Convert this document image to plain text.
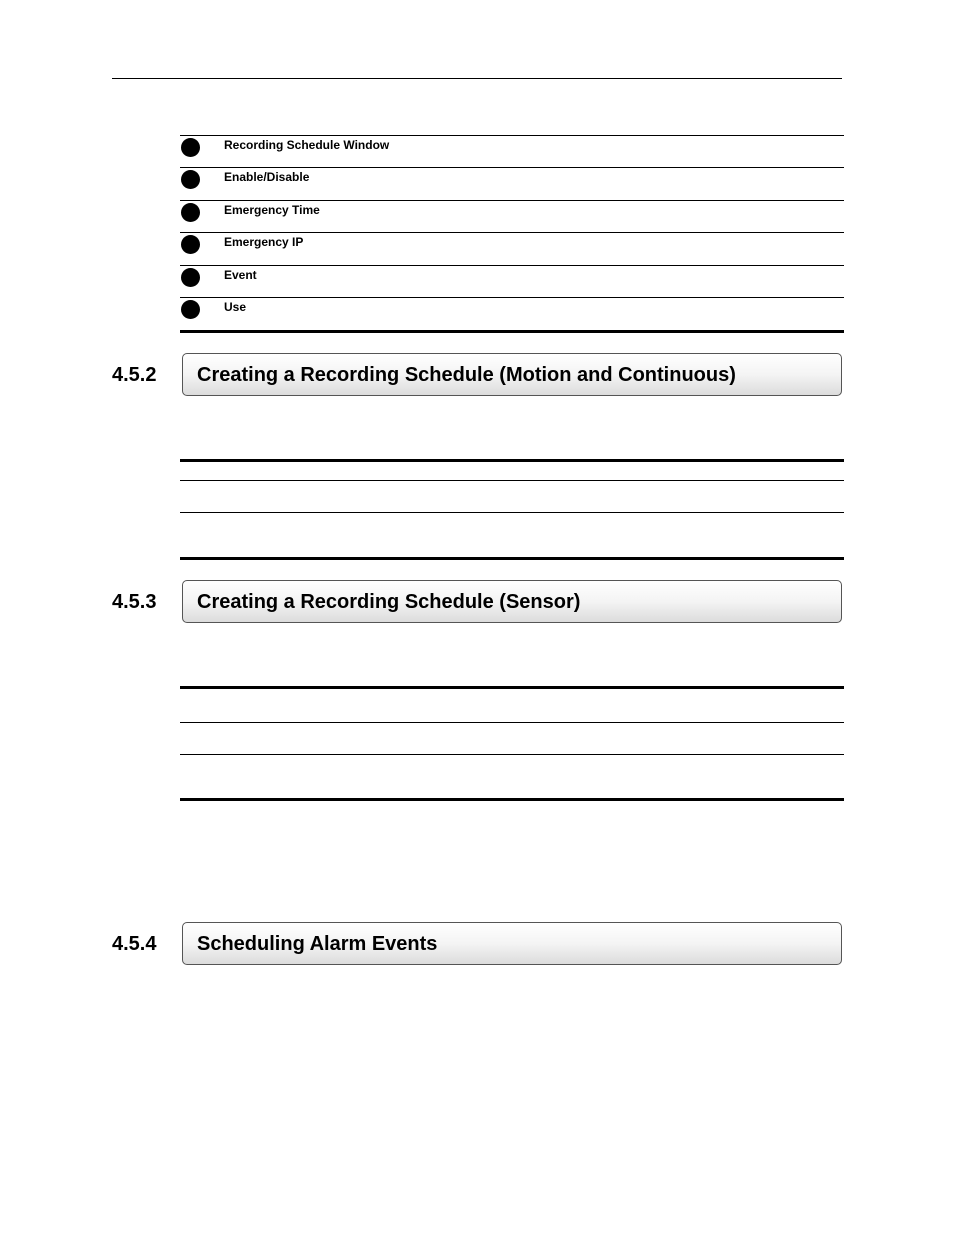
Recording Schedule Window
Enable/Disable
Emergency Time
Emergency IP
Event
Use
4.5.2 Creating a Recording Schedule (Motion and Continuous)
4.5.3 Creating a Recording Schedule (Sensor)
4.5.4 Scheduling Alarm Events
